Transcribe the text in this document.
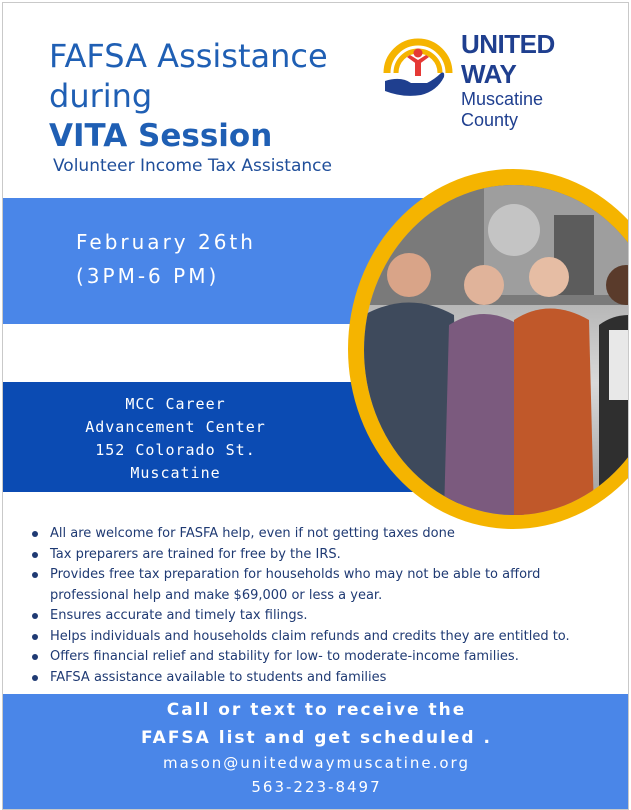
FAFSA Assistance
during
VITA Session
Volunteer Income Tax Assistance
UNITED WAY
Muscatine
County
February 26th
(3PM-6 PM)
MCC Career
Advancement Center
152 Colorado St.
Muscatine
All are welcome for FASFA help, even if not getting taxes done
Tax preparers are trained for free by the IRS.
Provides free tax preparation for households who may not be able to afford professional help and make $69,000 or less a year.
Ensures accurate and timely tax filings.
Helps individuals and households claim refunds and credits they are entitled to.
Offers financial relief and stability for low- to moderate-income families.
FAFSA assistance available to students and families
Call or text to receive the
FAFSA list and get scheduled .
mason@unitedwaymuscatine.org
563-223-8497
